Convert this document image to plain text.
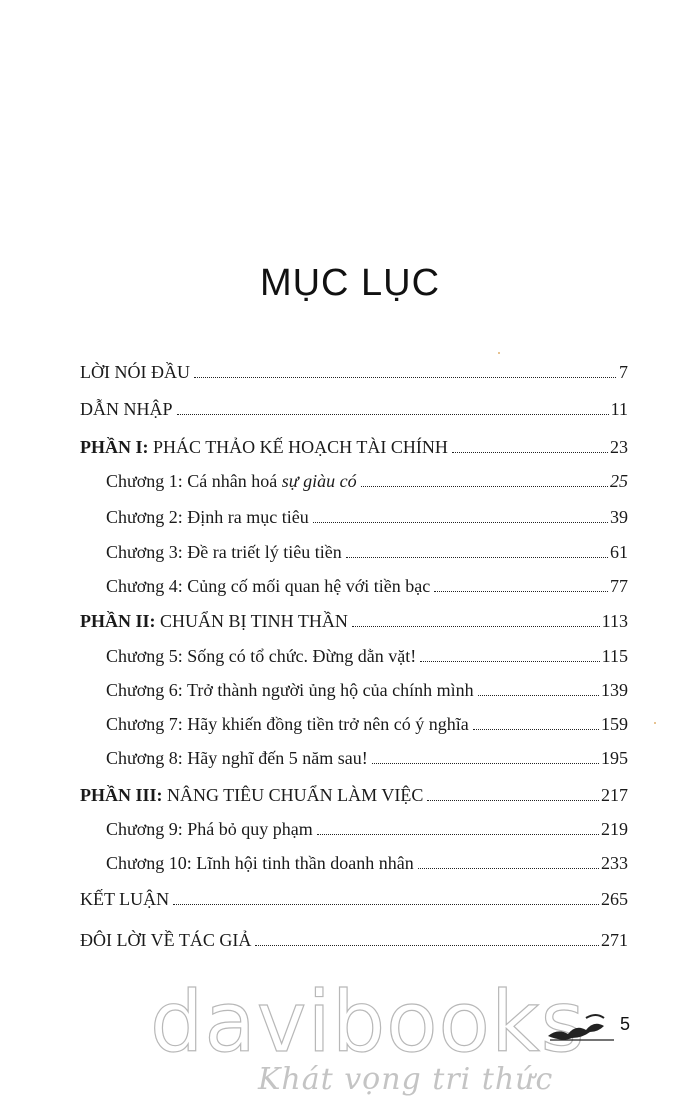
MỤC LỤC
LỜI NÓI ĐẦU	7
DẪN NHẬP	11
PHẦN I: PHÁC THẢO KẾ HOẠCH TÀI CHÍNH	23
Chương 1: Cá nhân hoá sự giàu có	25
Chương 2: Định ra mục tiêu	39
Chương 3: Đề ra triết lý tiêu tiền	61
Chương 4: Củng cố mối quan hệ với tiền bạc	77
PHẦN II: CHUẨN BỊ TINH THẦN	113
Chương 5: Sống có tổ chức. Đừng dằn vặt!	115
Chương 6: Trở thành người ủng hộ của chính mình	139
Chương 7: Hãy khiến đồng tiền trở nên có ý nghĩa	159
Chương 8: Hãy nghĩ đến 5 năm sau!	195
PHẦN III: NÂNG TIÊU CHUẨN LÀM VIỆC	217
Chương 9: Phá bỏ quy phạm	219
Chương 10: Lĩnh hội tinh thần doanh nhân	233
KẾT LUẬN	265
ĐÔI LỜI VỀ TÁC GIẢ	271
davibooks
Khát vọng tri thức
5
